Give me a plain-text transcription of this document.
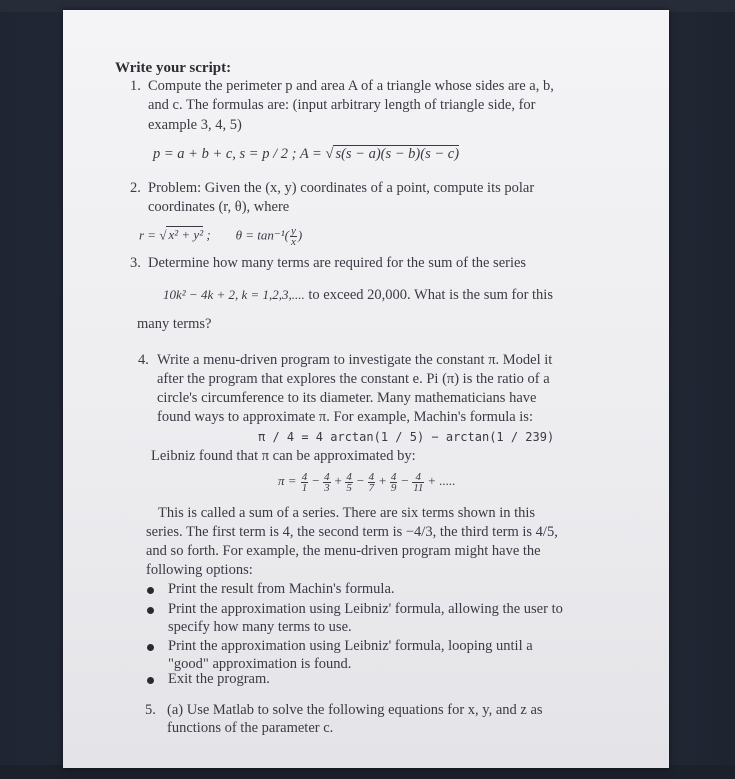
Write your script:
1. Compute the perimeter p and area A of a triangle whose sides are a, b,
and c. The formulas are: (input arbitrary length of triangle side, for
example 3, 4, 5)
p = a + b + c, s = p / 2 ; A = √ s(s − a)(s − b)(s − c)
2. Problem: Given the (x, y) coordinates of a point, compute its polar
coordinates (r, θ), where
r = √ x² + y² ; $\theta = \tan^{-1}( \frac{y}{x}$ )
3. Determine how many terms are required for the sum of the series
10k² − 4k + 2, k = 1,2,3,.... to exceed 20,000. What is the sum for this
many terms?
4. Write a menu-driven program to investigate the constant π. Model it
after the program that explores the constant e. Pi (π) is the ratio of a
circle's circumference to its diameter. Many mathematicians have
found ways to approximate π. For example, Machin's formula is:
π / 4 = 4 arctan(1 / 5) − arctan(1 / 239)
Leibniz found that π can be approximated by:
$\pi = \frac{4}{1} - \frac{4}{3} + \frac{4}{5} - \frac{4}{7} + \frac{4}{9} - \frac{4}{11}$ + .....
This is called a sum of a series. There are six terms shown in this
series. The first term is 4, the second term is −4/3, the third term is 4/5,
and so forth. For example, the menu-driven program might have the
following options:
Print the result from Machin's formula.
Print the approximation using Leibniz' formula, allowing the user to
specify how many terms to use.
Print the approximation using Leibniz' formula, looping until a
"good" approximation is found.
Exit the program.
5. (a) Use Matlab to solve the following equations for x, y, and z as
functions of the parameter c.
